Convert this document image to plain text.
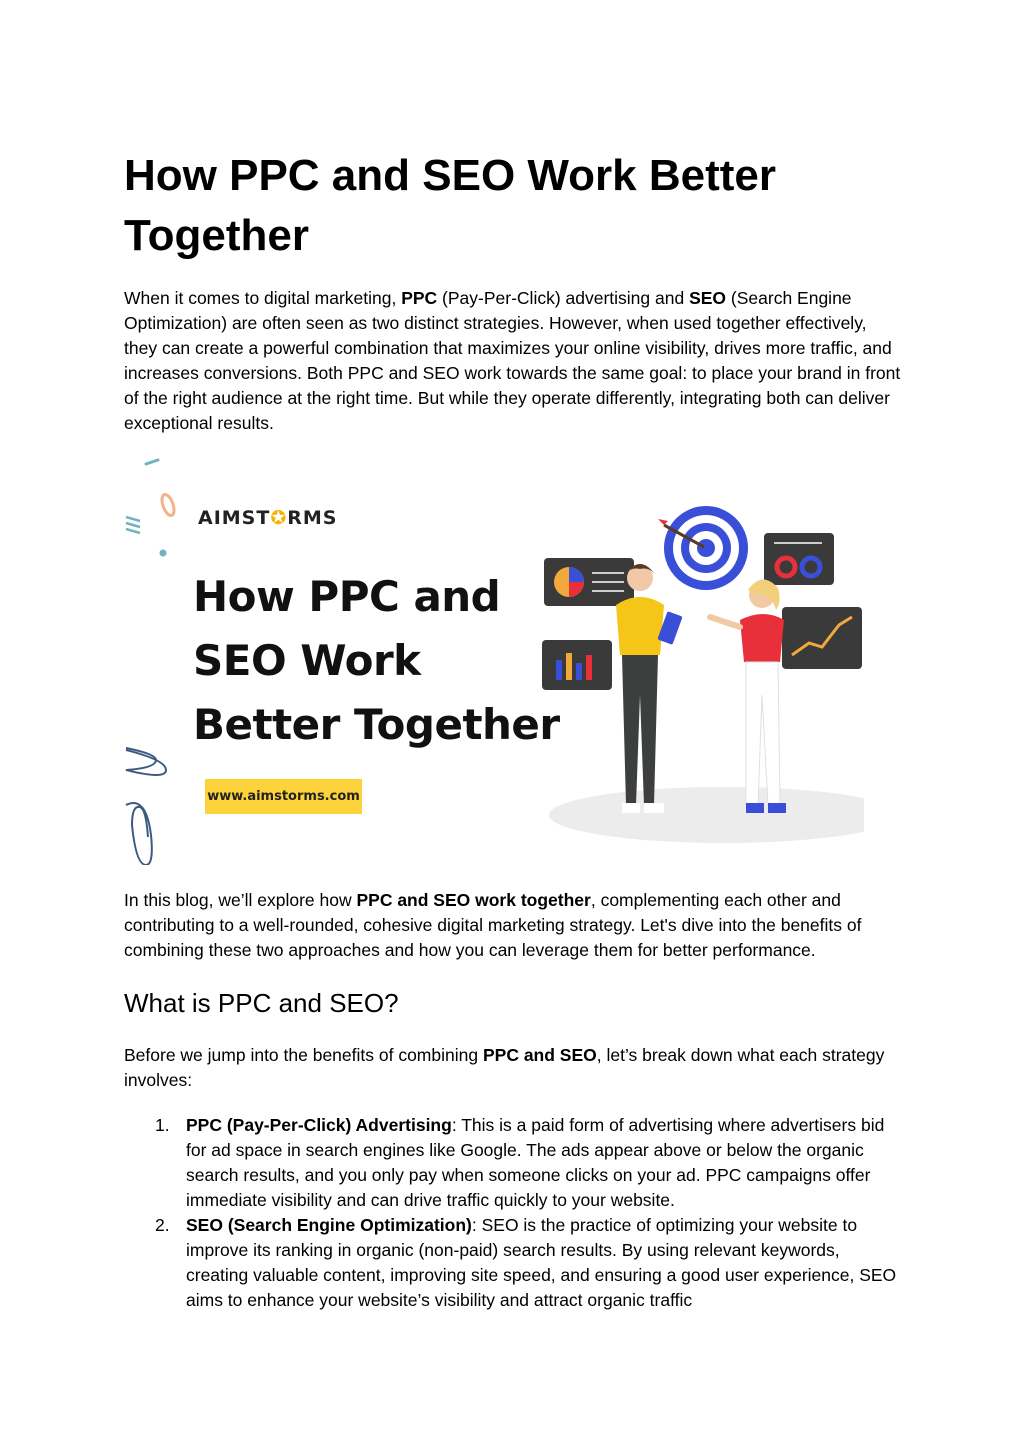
How PPC and SEO Work Better Together

When it comes to digital marketing, PPC (Pay-Per-Click) advertising and SEO (Search Engine Optimization) are often seen as two distinct strategies. However, when used together effectively, they can create a powerful combination that maximizes your online visibility, drives more traffic, and increases conversions. Both PPC and SEO work towards the same goal: to place your brand in front of the right audience at the right time. But while they operate differently, integrating both can deliver exceptional results.

In this blog, we’ll explore how PPC and SEO work together, complementing each other and contributing to a well-rounded, cohesive digital marketing strategy. Let's dive into the benefits of combining these two approaches and how you can leverage them for better performance.

What is PPC and SEO?

Before we jump into the benefits of combining PPC and SEO, let’s break down what each strategy involves:

1. PPC (Pay-Per-Click) Advertising: This is a paid form of advertising where advertisers bid for ad space in search engines like Google. The ads appear above or below the organic search results, and you only pay when someone clicks on your ad. PPC campaigns offer immediate visibility and can drive traffic quickly to your website.
2. SEO (Search Engine Optimization): SEO is the practice of optimizing your website to improve its ranking in organic (non-paid) search results. By using relevant keywords, creating valuable content, improving site speed, and ensuring a good user experience, SEO aims to enhance your website’s visibility and attract organic traffic
AIMST✪RMS
How PPC and
SEO Work
Better Together
www.aimstorms.com
